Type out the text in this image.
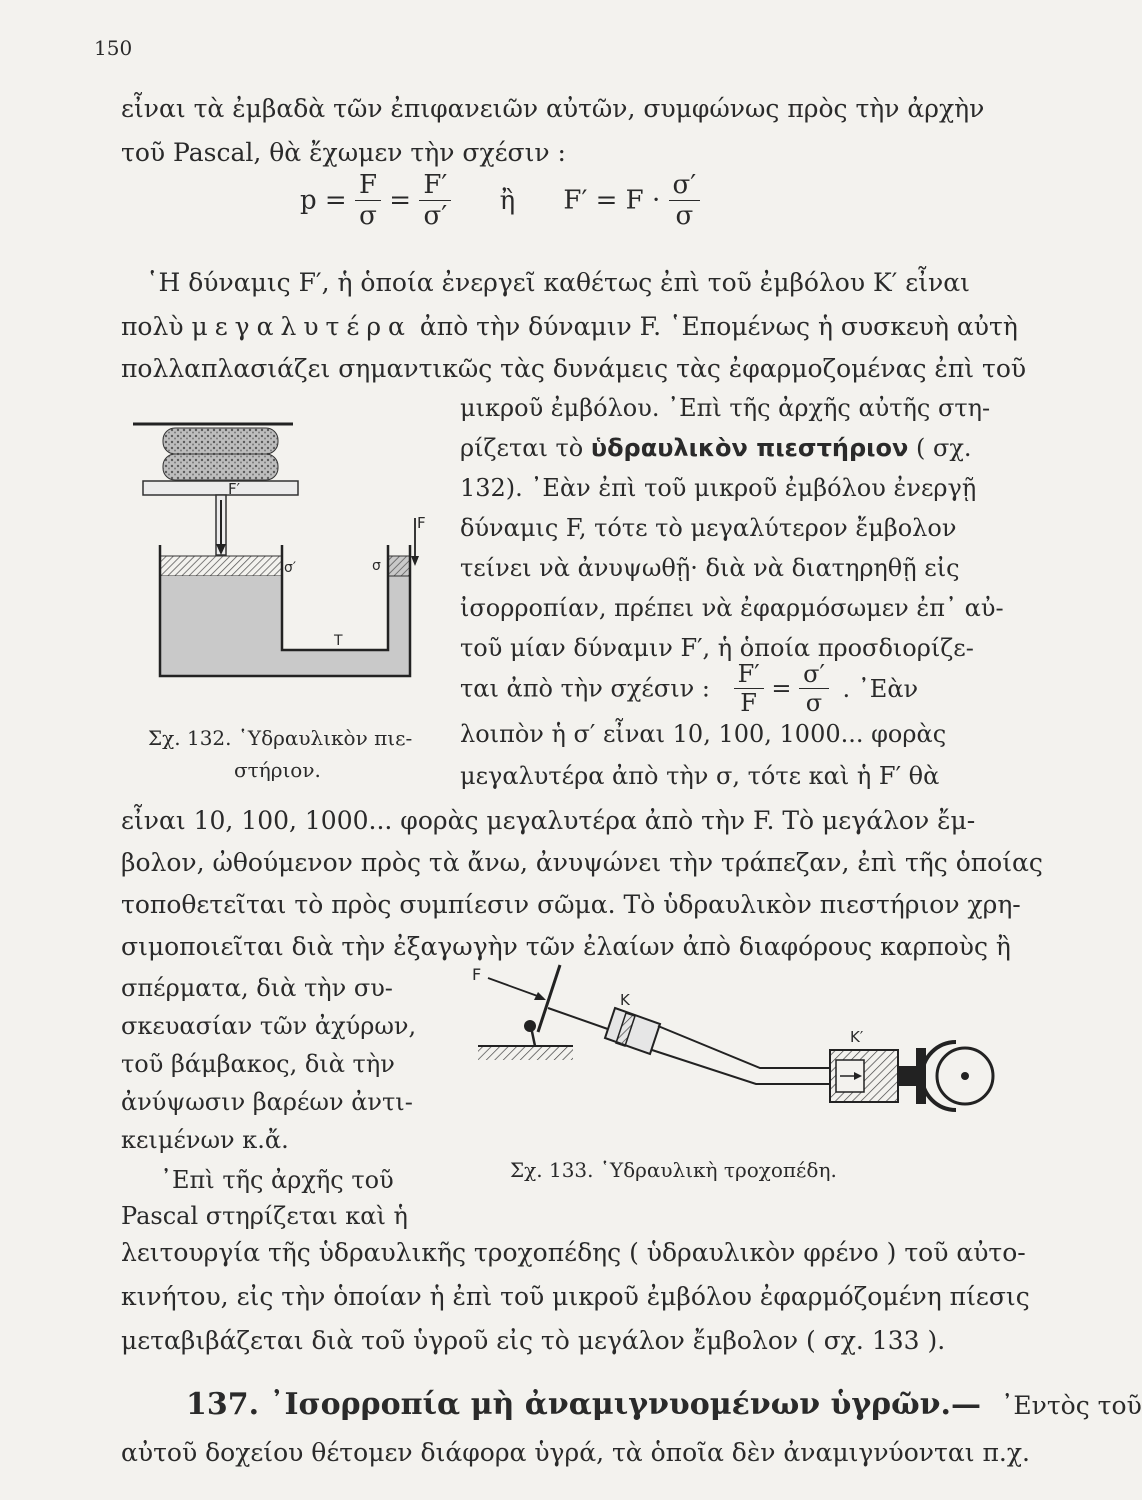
150
εἶναι τὰ ἐμβαδὰ τῶν ἐπιφανειῶν αὐτῶν, συμφώνως πρὸς τὴν ἀρχὴν
τοῦ Pascal, θὰ ἔχωμεν τὴν σχέσιν :
$p = \frac{F}{\sigma} = \frac{F'}{\sigma'}$ ἢ $F' = F \cdot \frac{\sigma'}{\sigma}$
῾Η δύναμις F′, ἡ ὁποία ἐνεργεῖ καθέτως ἐπὶ τοῦ ἐμβόλου K′ εἶναι
πολὺ μεγαλυτέρα ἀπὸ τὴν δύναμιν F. ῾Επομένως ἡ συσκευὴ αὐτὴ
πολλαπλασιάζει σημαντικῶς τὰς δυνάμεις τὰς ἐφαρμοζομένας ἐπὶ τοῦ
μικροῦ ἐμβόλου. ᾿Επὶ τῆς ἀρχῆς αὐτῆς στη-
ρίζεται τὸ ὑδραυλικὸν πιεστήριον ( σχ.
132). ᾿Εὰν ἐπὶ τοῦ μικροῦ ἐμβόλου ἐνεργῇ
δύναμις F, τότε τὸ μεγαλύτερον ἔμβολον
τείνει νὰ ἀνυψωθῇ· διὰ νὰ διατηρηθῇ εἰς
ἰσορροπίαν, πρέπει νὰ ἐφαρμόσωμεν ἐπ᾿ αὐ-
τοῦ μίαν δύναμιν F′, ἡ ὁποία προσδιορίζε-
ται ἀπὸ τὴν σχέσιν : $\frac{F'}{F} = \frac{\sigma'}{\sigma}$ . ᾿Εὰν
λοιπὸν ἡ σ′ εἶναι 10, 100, 1000... φορὰς
μεγαλυτέρα ἀπὸ τὴν σ, τότε καὶ ἡ F′ θὰ
F′
F
σ′	σ
T
Σχ. 132. ῾Υδραυλικὸν πιε-
στήριον.
εἶναι 10, 100, 1000... φορὰς μεγαλυτέρα ἀπὸ τὴν F. Τὸ μεγάλον ἔμ-
βολον, ὠθούμενον πρὸς τὰ ἄνω, ἀνυψώνει τὴν τράπεζαν, ἐπὶ τῆς ὁποίας
τοποθετεῖται τὸ πρὸς συμπίεσιν σῶμα. Τὸ ὑδραυλικὸν πιεστήριον χρη-
σιμοποιεῖται διὰ τὴν ἐξαγωγὴν τῶν ἐλαίων ἀπὸ διαφόρους καρποὺς ἢ
σπέρματα, διὰ τὴν συ-
σκευασίαν τῶν ἀχύρων,
τοῦ βάμβακος, διὰ τὴν
ἀνύψωσιν βαρέων ἀντι-
κειμένων κ.ἄ.
᾿Επὶ τῆς ἀρχῆς τοῦ
Pascal στηρίζεται καὶ ἡ
F
K
K′
Σχ. 133. ῾Υδραυλικὴ τροχοπέδη.
λειτουργία τῆς ὑδραυλικῆς τροχοπέδης ( ὑδραυλικὸν φρένο ) τοῦ αὐτο-
κινήτου, εἰς τὴν ὁποίαν ἡ ἐπὶ τοῦ μικροῦ ἐμβόλου ἐφαρμόζομένη πίεσις
μεταβιβάζεται διὰ τοῦ ὑγροῦ εἰς τὸ μεγάλον ἔμβολον ( σχ. 133 ).
137. ᾿Ισορροπία μὴ ἀναμιγνυομένων ὑγρῶν.— ᾿Εντὸς τοῦ
αὐτοῦ δοχείου θέτομεν διάφορα ὑγρά, τὰ ὁποῖα δὲν ἀναμιγνύονται π.χ.
